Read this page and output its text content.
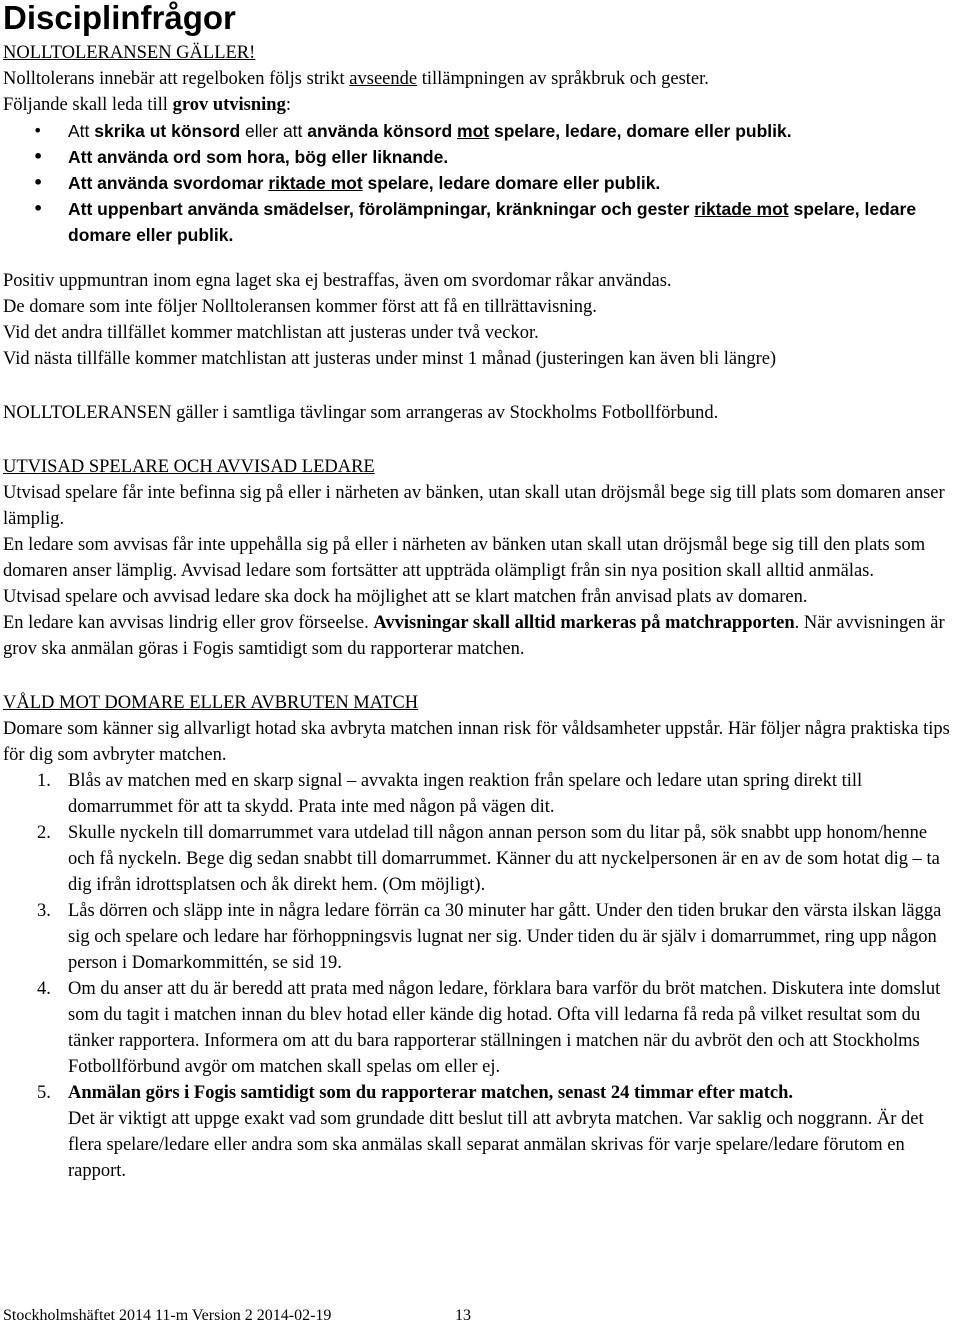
Disciplinfrågor

NOLLTOLERANSEN GÄLLER!

Nolltolerans innebär att regelboken följs strikt avseende tillämpningen av språkbruk och gester.

Följande skall leda till grov utvisning:

• Att skrika ut könsord eller att använda könsord mot spelare, ledare, domare eller publik.
• Att använda ord som hora, bög eller liknande.
• Att använda svordomar riktade mot spelare, ledare domare eller publik.
• Att uppenbart använda smädelser, förolämpningar, kränkningar och gester riktade mot spelare, ledare domare eller publik.

Positiv uppmuntran inom egna laget ska ej bestraffas, även om svordomar råkar användas.

De domare som inte följer Nolltoleransen kommer först att få en tillrättavisning.

Vid det andra tillfället kommer matchlistan att justeras under två veckor.

Vid nästa tillfälle kommer matchlistan att justeras under minst 1 månad (justeringen kan även bli längre)

NOLLTOLERANSEN gäller i samtliga tävlingar som arrangeras av Stockholms Fotbollförbund.

UTVISAD SPELARE OCH AVVISAD LEDARE

Utvisad spelare får inte befinna sig på eller i närheten av bänken, utan skall utan dröjsmål bege sig till plats som domaren anser lämplig.

En ledare som avvisas får inte uppehålla sig på eller i närheten av bänken utan skall utan dröjsmål bege sig till den plats som domaren anser lämplig. Avvisad ledare som fortsätter att uppträda olämpligt från sin nya position skall alltid anmälas.

Utvisad spelare och avvisad ledare ska dock ha möjlighet att se klart matchen från anvisad plats av domaren.

En ledare kan avvisas lindrig eller grov förseelse. Avvisningar skall alltid markeras på matchrapporten. När avvisningen är grov ska anmälan göras i Fogis samtidigt som du rapporterar matchen.

VÅLD MOT DOMARE ELLER AVBRUTEN MATCH

Domare som känner sig allvarligt hotad ska avbryta matchen innan risk för våldsamheter uppstår. Här följer några praktiska tips för dig som avbryter matchen.

1. Blås av matchen med en skarp signal – avvakta ingen reaktion från spelare och ledare utan spring direkt till domarrummet för att ta skydd. Prata inte med någon på vägen dit.
2. Skulle nyckeln till domarrummet vara utdelad till någon annan person som du litar på, sök snabbt upp honom/henne och få nyckeln. Bege dig sedan snabbt till domarrummet. Känner du att nyckelpersonen är en av de som hotat dig – ta dig ifrån idrottsplatsen och åk direkt hem. (Om möjligt).
3. Lås dörren och släpp inte in några ledare förrän ca 30 minuter har gått. Under den tiden brukar den värsta ilskan lägga sig och spelare och ledare har förhoppningsvis lugnat ner sig. Under tiden du är själv i domarrummet, ring upp någon person i Domarkommittén, se sid 19.
4. Om du anser att du är beredd att prata med någon ledare, förklara bara varför du bröt matchen. Diskutera inte domslut som du tagit i matchen innan du blev hotad eller kände dig hotad. Ofta vill ledarna få reda på vilket resultat som du tänker rapportera. Informera om att du bara rapporterar ställningen i matchen när du avbröt den och att Stockholms Fotbollförbund avgör om matchen skall spelas om eller ej.
5. Anmälan görs i Fogis samtidigt som du rapporterar matchen, senast 24 timmar efter match.
Det är viktigt att uppge exakt vad som grundade ditt beslut till att avbryta matchen. Var saklig och noggrann. Är det flera spelare/ledare eller andra som ska anmälas skall separat anmälan skrivas för varje spelare/ledare förutom en rapport.
Stockholmshäftet 2014 11-m Version 2 2014-02-19	13
